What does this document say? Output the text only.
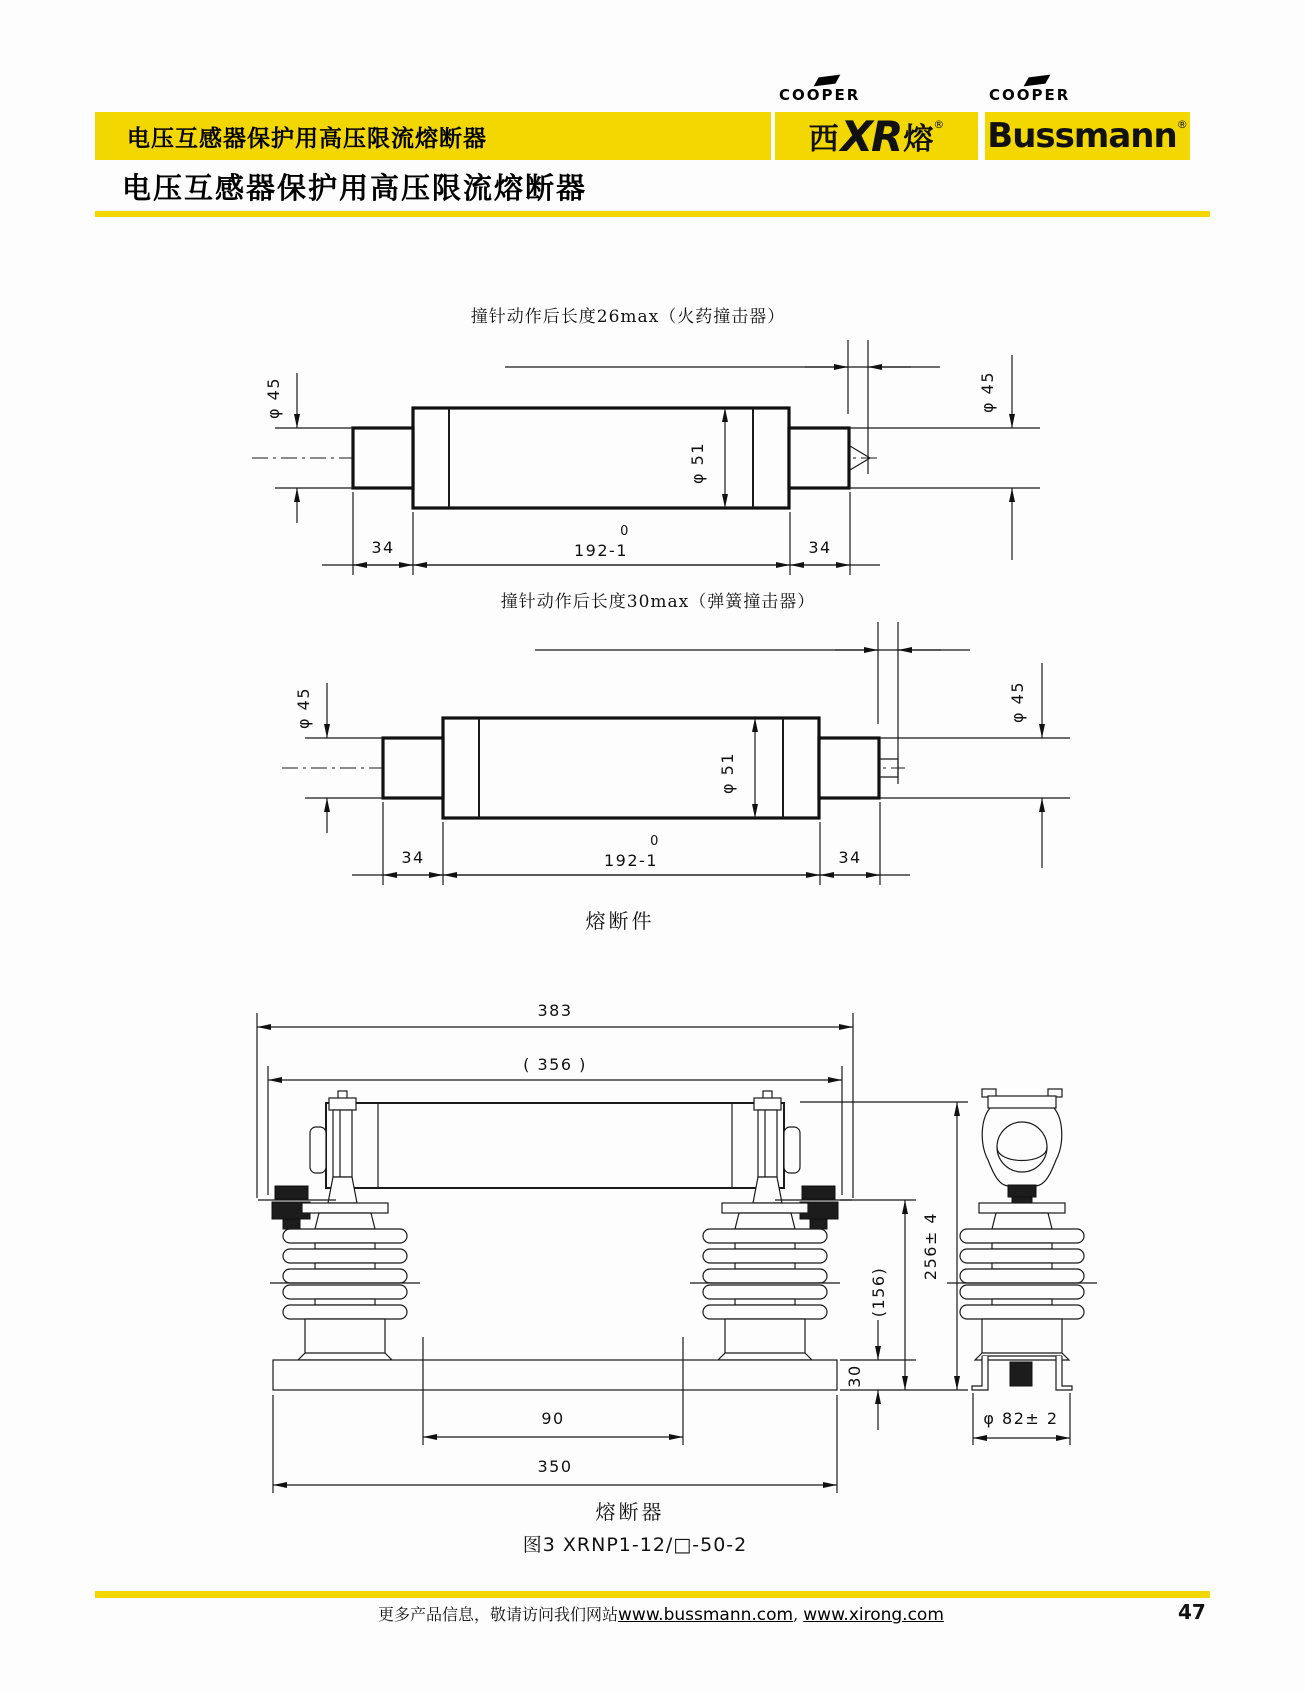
电压互感器保护用高压限流熔断器
COOPER
西 XR 熔 ®
COOPER
Bussmann ®
电压互感器保护用高压限流熔断器
撞针动作后长度26max（火药撞击器）
φ 45	φ 45
φ 51
34
0
192-1	34
撞针动作后长度30max（弹簧撞击器）
φ 45	φ 45
φ 51
34
0
192-1	34
熔断件
383
( 356 )
90
350
256± 4
(156)
30
φ 82± 2
熔断器
图3 XRNP1-12/□-50-2
更多产品信息，敬请访问我们网站 www.bussmann.com , www.xirong.com	47
